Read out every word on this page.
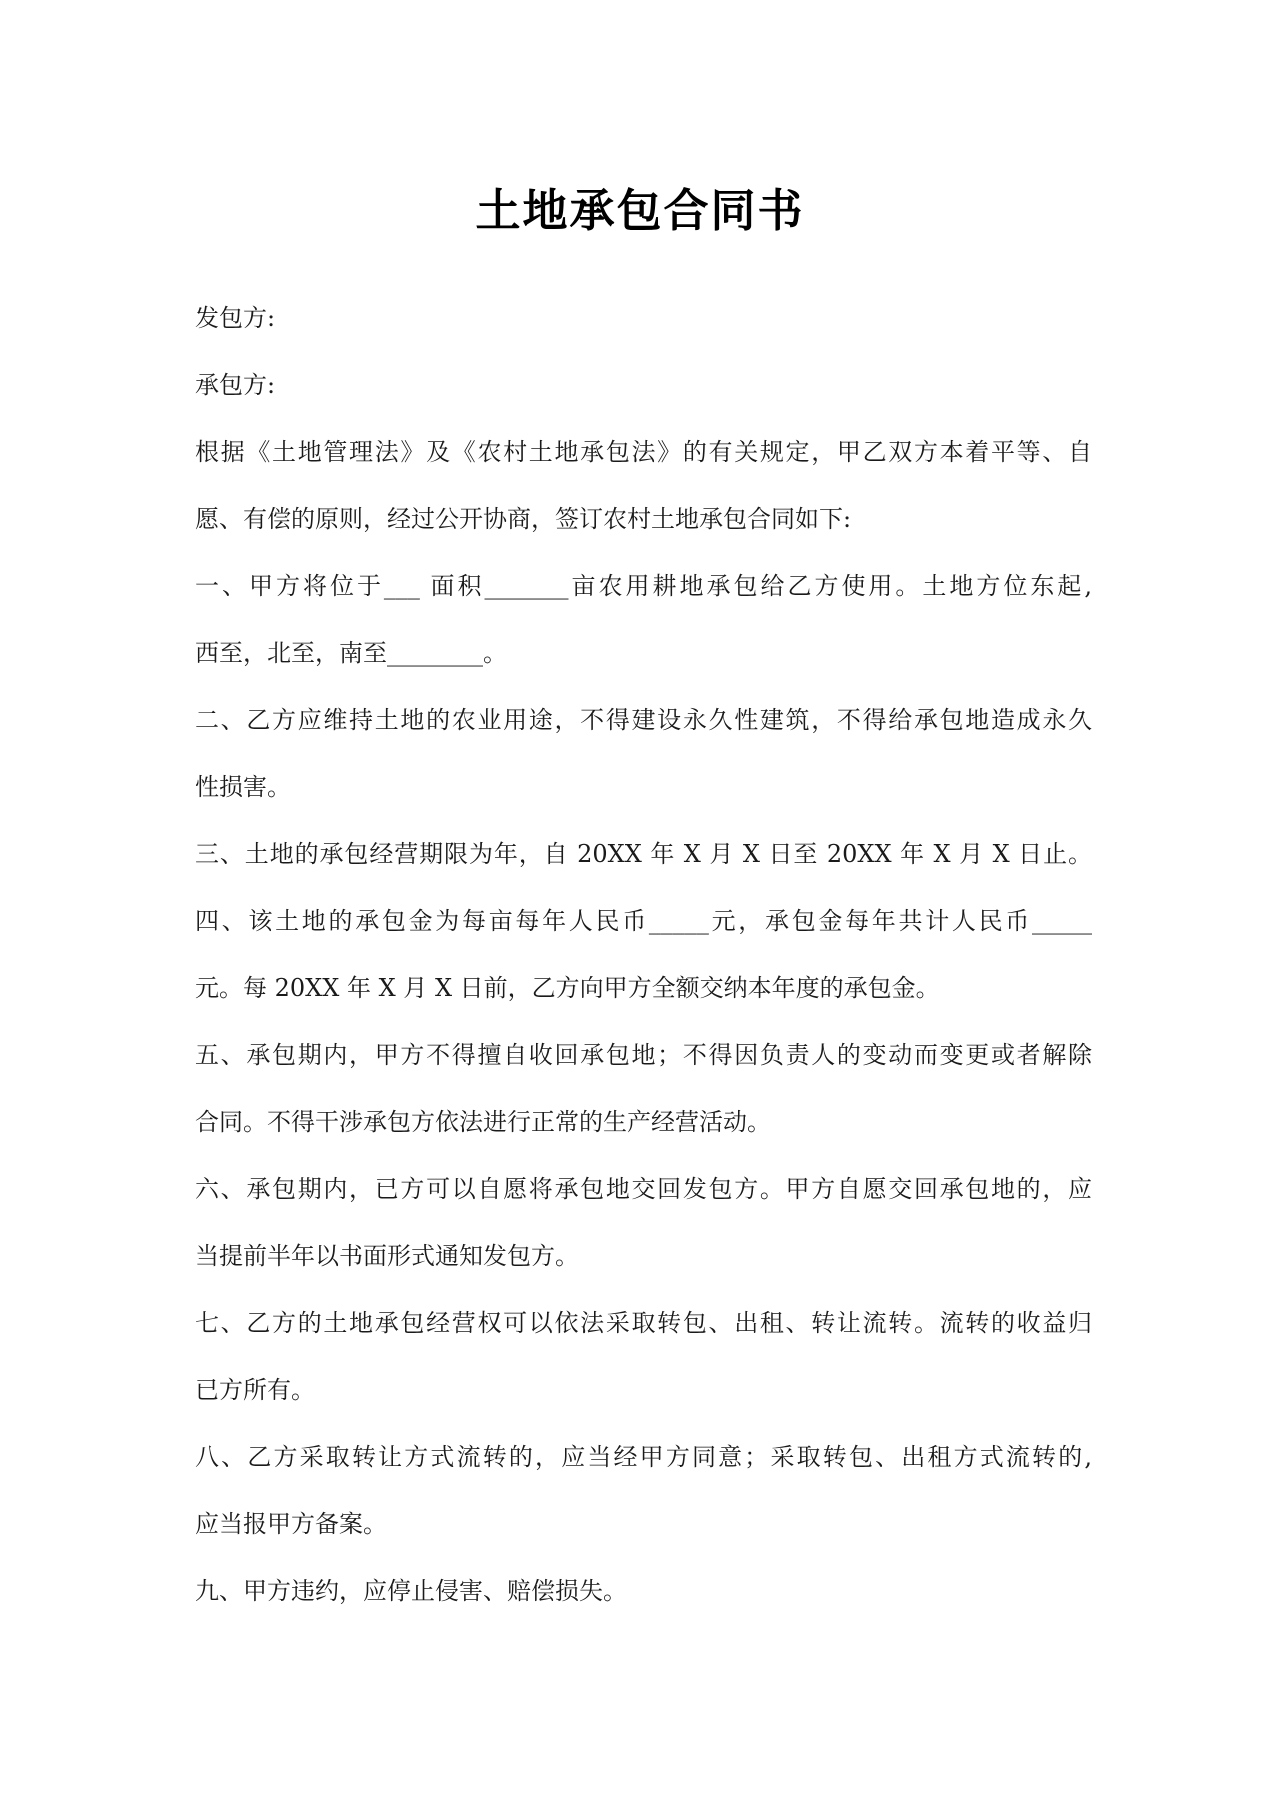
土地承包合同书
发包方:
承包方:
根据《土地管理法》及《农村土地承包法》的有关规定，甲乙双方本着平等、自
愿、有偿的原则，经过公开协商，签订农村土地承包合同如下:
一、甲方将位于___ 面积_______亩农用耕地承包给乙方使用。土地方位东起,
西至，北至，南至________。
二、乙方应维持土地的农业用途，不得建设永久性建筑，不得给承包地造成永久
性损害。
三、土地的承包经营期限为年，自 20XX 年 X 月 X 日至 20XX 年 X 月 X 日止。
四、该土地的承包金为每亩每年人民币_____元，承包金每年共计人民币_____
元。每 20XX 年 X 月 X 日前，乙方向甲方全额交纳本年度的承包金。
五、承包期内，甲方不得擅自收回承包地；不得因负责人的变动而变更或者解除
合同。不得干涉承包方依法进行正常的生产经营活动。
六、承包期内，已方可以自愿将承包地交回发包方。甲方自愿交回承包地的，应
当提前半年以书面形式通知发包方。
七、乙方的土地承包经营权可以依法采取转包、出租、转让流转。流转的收益归
已方所有。
八、乙方采取转让方式流转的，应当经甲方同意；采取转包、出租方式流转的,
应当报甲方备案。
九、甲方违约，应停止侵害、赔偿损失。
